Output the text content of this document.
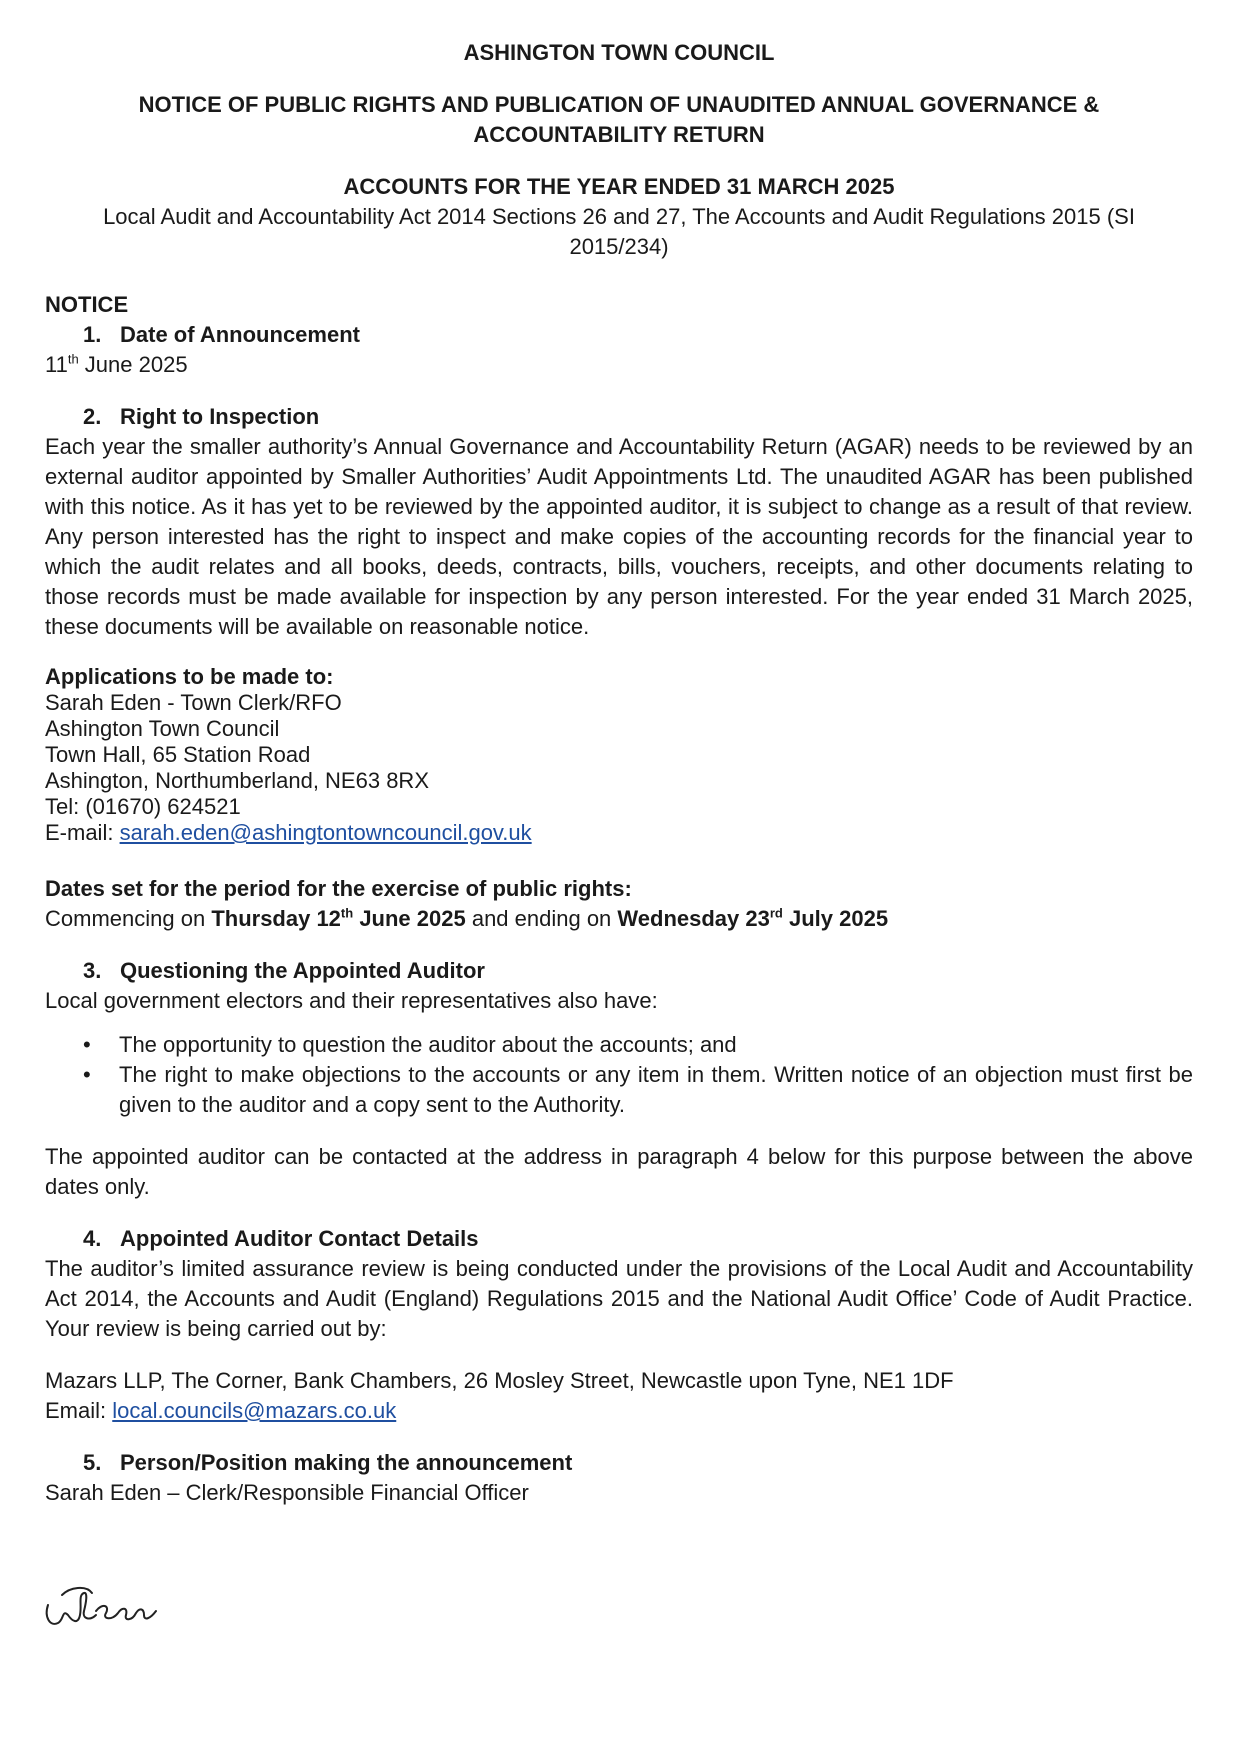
ASHINGTON TOWN COUNCIL

NOTICE OF PUBLIC RIGHTS AND PUBLICATION OF UNAUDITED ANNUAL GOVERNANCE & ACCOUNTABILITY RETURN

ACCOUNTS FOR THE YEAR ENDED 31 MARCH 2025

Local Audit and Accountability Act 2014 Sections 26 and 27, The Accounts and Audit Regulations 2015 (SI 2015/234)

NOTICE

1. Date of Announcement

11th June 2025

2. Right to Inspection

Each year the smaller authority’s Annual Governance and Accountability Return (AGAR) needs to be reviewed by an external auditor appointed by Smaller Authorities’ Audit Appointments Ltd. The unaudited AGAR has been published with this notice. As it has yet to be reviewed by the appointed auditor, it is subject to change as a result of that review. Any person interested has the right to inspect and make copies of the accounting records for the financial year to which the audit relates and all books, deeds, contracts, bills, vouchers, receipts, and other documents relating to those records must be made available for inspection by any person interested. For the year ended 31 March 2025, these documents will be available on reasonable notice.

Applications to be made to:

Sarah Eden - Town Clerk/RFO

Ashington Town Council

Town Hall, 65 Station Road

Ashington, Northumberland, NE63 8RX

Tel: (01670) 624521

E-mail: sarah.eden@ashingtontowncouncil.gov.uk

Dates set for the period for the exercise of public rights:

Commencing on Thursday 12th June 2025 and ending on Wednesday 23rd July 2025

3. Questioning the Appointed Auditor

Local government electors and their representatives also have:

• The opportunity to question the auditor about the accounts; and
• The right to make objections to the accounts or any item in them. Written notice of an objection must first be given to the auditor and a copy sent to the Authority.

The appointed auditor can be contacted at the address in paragraph 4 below for this purpose between the above dates only.

4. Appointed Auditor Contact Details

The auditor’s limited assurance review is being conducted under the provisions of the Local Audit and Accountability Act 2014, the Accounts and Audit (England) Regulations 2015 and the National Audit Office’ Code of Audit Practice. Your review is being carried out by:

Mazars LLP, The Corner, Bank Chambers, 26 Mosley Street, Newcastle upon Tyne, NE1 1DF

Email: local.councils@mazars.co.uk

5. Person/Position making the announcement

Sarah Eden – Clerk/Responsible Financial Officer
